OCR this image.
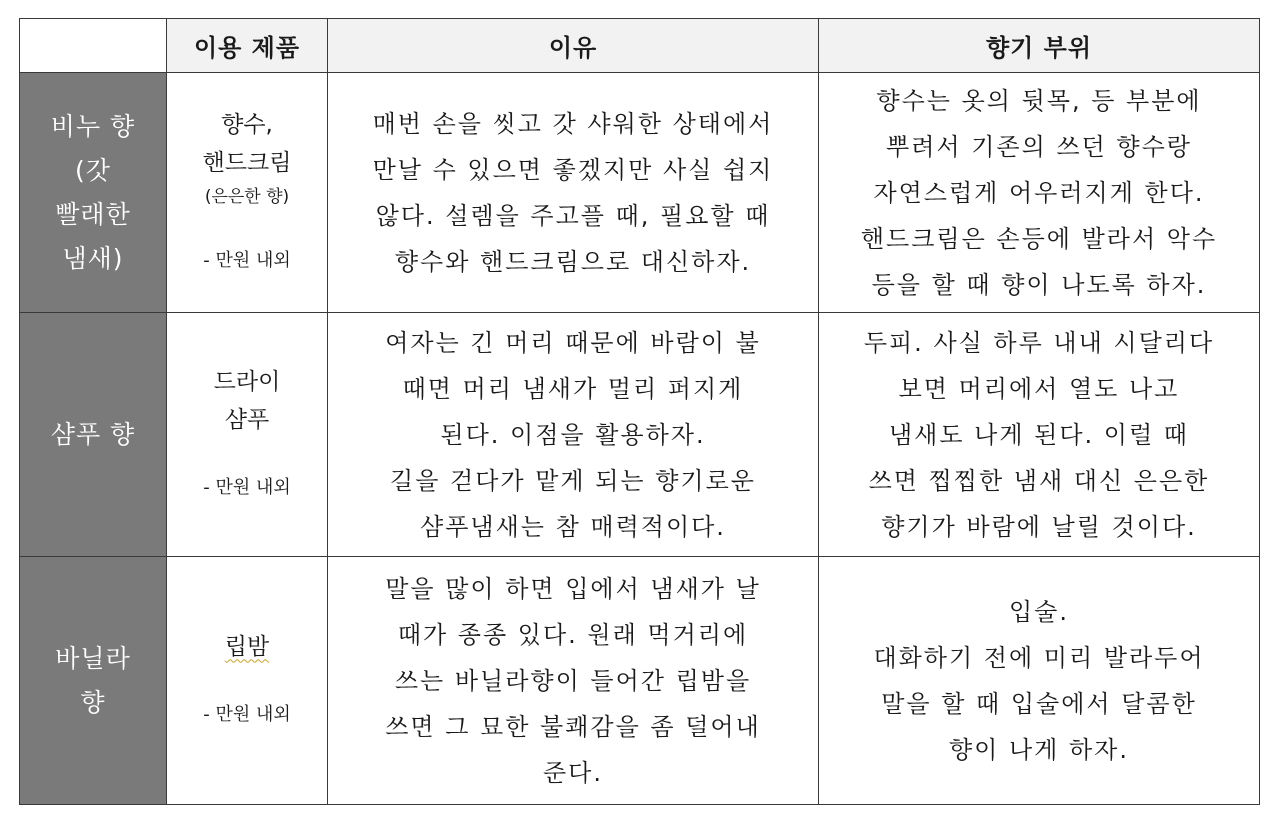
	이용 제품	이유	향기 부위

비누 향
(갓
빨래한
냄새)	향수,
핸드크림
(은은한 향)
- 만원 내외	매번 손을 씻고 갓 샤워한 상태에서
만날 수 있으면 좋겠지만 사실 쉽지
않다. 설렘을 주고플 때, 필요할 때
향수와 핸드크림으로 대신하자.	향수는 옷의 뒷목, 등 부분에
뿌려서 기존의 쓰던 향수랑
자연스럽게 어우러지게 한다.
핸드크림은 손등에 발라서 악수
등을 할 때 향이 나도록 하자.

샴푸 향	드라이
샴푸
- 만원 내외	여자는 긴 머리 때문에 바람이 불
때면 머리 냄새가 멀리 퍼지게
된다. 이점을 활용하자.
길을 걷다가 맡게 되는 향기로운
샴푸냄새는 참 매력적이다.	두피. 사실 하루 내내 시달리다
보면 머리에서 열도 나고
냄새도 나게 된다. 이럴 때
쓰면 찝찝한 냄새 대신 은은한
향기가 바람에 날릴 것이다.

바닐라
향	립밤
- 만원 내외	말을 많이 하면 입에서 냄새가 날
때가 종종 있다. 원래 먹거리에
쓰는 바닐라향이 들어간 립밤을
쓰면 그 묘한 불쾌감을 좀 덜어내
준다.	입술.
대화하기 전에 미리 발라두어
말을 할 때 입술에서 달콤한
향이 나게 하자.
